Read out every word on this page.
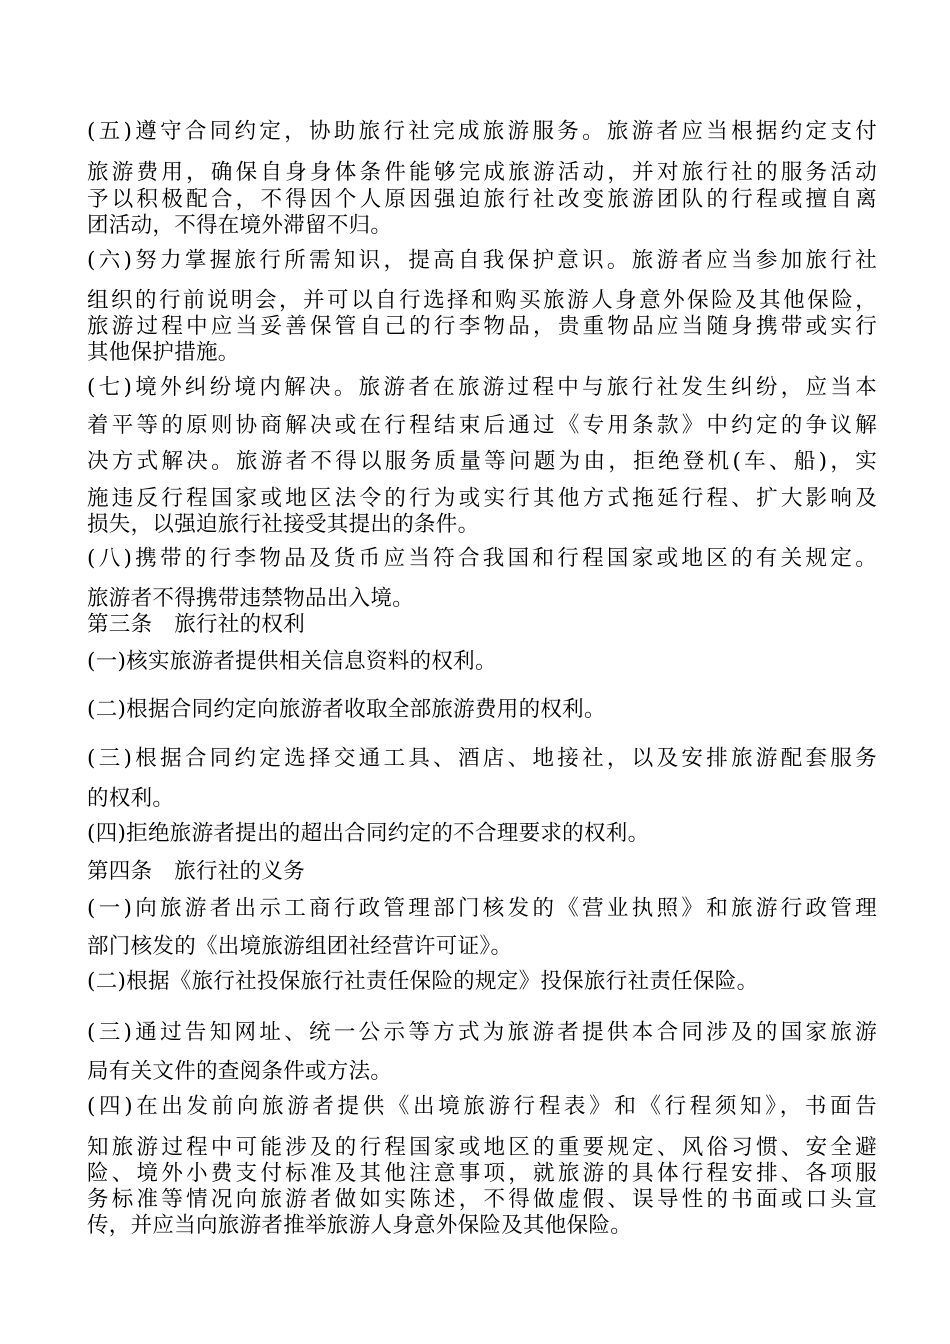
(五)遵守合同约定，协助旅行社完成旅游服务。旅游者应当根据约定支付
旅游费用，确保自身身体条件能够完成旅游活动，并对旅行社的服务活动
予以积极配合，不得因个人原因强迫旅行社改变旅游团队的行程或擅自离
团活动，不得在境外滞留不归。
(六)努力掌握旅行所需知识，提高自我保护意识。旅游者应当参加旅行社
组织的行前说明会，并可以自行选择和购买旅游人身意外保险及其他保险，
旅游过程中应当妥善保管自己的行李物品，贵重物品应当随身携带或实行
其他保护措施。
(七)境外纠纷境内解决。旅游者在旅游过程中与旅行社发生纠纷，应当本
着平等的原则协商解决或在行程结束后通过《专用条款》中约定的争议解
决方式解决。旅游者不得以服务质量等问题为由，拒绝登机(车、船)，实
施违反行程国家或地区法令的行为或实行其他方式拖延行程、扩大影响及
损失，以强迫旅行社接受其提出的条件。
(八)携带的行李物品及货币应当符合我国和行程国家或地区的有关规定。
旅游者不得携带违禁物品出入境。
第三条　旅行社的权利
(一)核实旅游者提供相关信息资料的权利。
(二)根据合同约定向旅游者收取全部旅游费用的权利。
(三)根据合同约定选择交通工具、酒店、地接社，以及安排旅游配套服务
的权利。
(四)拒绝旅游者提出的超出合同约定的不合理要求的权利。
第四条　旅行社的义务
(一)向旅游者出示工商行政管理部门核发的《营业执照》和旅游行政管理
部门核发的《出境旅游组团社经营许可证》。
(二)根据《旅行社投保旅行社责任保险的规定》投保旅行社责任保险。
(三)通过告知网址、统一公示等方式为旅游者提供本合同涉及的国家旅游
局有关文件的查阅条件或方法。
(四)在出发前向旅游者提供《出境旅游行程表》和《行程须知》，书面告
知旅游过程中可能涉及的行程国家或地区的重要规定、风俗习惯、安全避
险、境外小费支付标准及其他注意事项，就旅游的具体行程安排、各项服
务标准等情况向旅游者做如实陈述，不得做虚假、误导性的书面或口头宣
传，并应当向旅游者推举旅游人身意外保险及其他保险。
